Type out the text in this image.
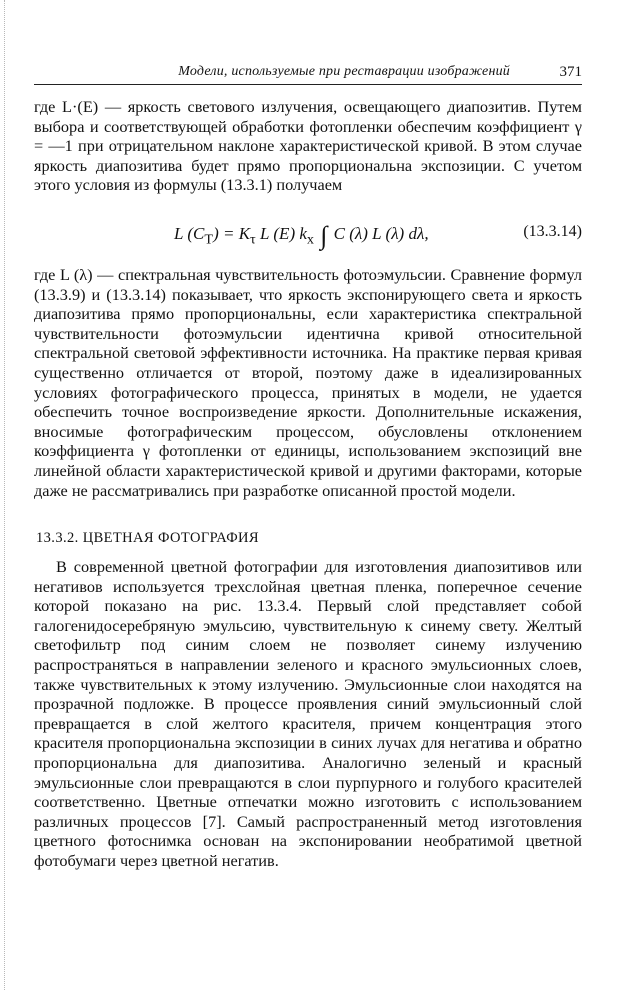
Модели, используемые при реставрации изображений	371

где L·(E) — яркость светового излучения, освещающего диапозитив. Путем выбора и соответствующей обработки фотопленки обеспечим коэффициент γ = —1 при отрицательном наклоне характеристической кривой. В этом случае яркость диапозитива будет прямо пропорциональна экспозиции. С учетом этого условия из формулы (13.3.1) получаем

L $(C_T) = K_\tau$ L (E) $k_x$ ∫ C (λ) L (λ) dλ,	(13.3.14)

где L (λ) — спектральная чувствительность фотоэмульсии. Сравнение формул (13.3.9) и (13.3.14) показывает, что яркость экспонирующего света и яркость диапозитива прямо пропорциональны, если характеристика спектральной чувствительности фотоэмульсии идентична кривой относительной спектральной световой эффективности источника. На практике первая кривая существенно отличается от второй, поэтому даже в идеализированных условиях фотографического процесса, принятых в модели, не удается обеспечить точное воспроизведение яркости. Дополнительные искажения, вносимые фотографическим процессом, обусловлены отклонением коэффициента γ фотопленки от единицы, использованием экспозиций вне линейной области характеристической кривой и другими факторами, которые даже не рассматривались при разработке описанной простой модели.

13.3.2. ЦВЕТНАЯ ФОТОГРАФИЯ

В современной цветной фотографии для изготовления диапозитивов или негативов используется трехслойная цветная пленка, поперечное сечение которой показано на рис. 13.3.4. Первый слой представляет собой галогенидосеребряную эмульсию, чувствительную к синему свету. Желтый светофильтр под синим слоем не позволяет синему излучению распространяться в направлении зеленого и красного эмульсионных слоев, также чувствительных к этому излучению. Эмульсионные слои находятся на прозрачной подложке. В процессе проявления синий эмульсионный слой превращается в слой желтого красителя, причем концентрация этого красителя пропорциональна экспозиции в синих лучах для негатива и обратно пропорциональна для диапозитива. Аналогично зеленый и красный эмульсионные слои превращаются в слои пурпурного и голубого красителей соответственно. Цветные отпечатки можно изготовить с использованием различных процессов [7]. Самый распространенный метод изготовления цветного фотоснимка основан на экспонировании необратимой цветной фотобумаги через цветной негатив.
